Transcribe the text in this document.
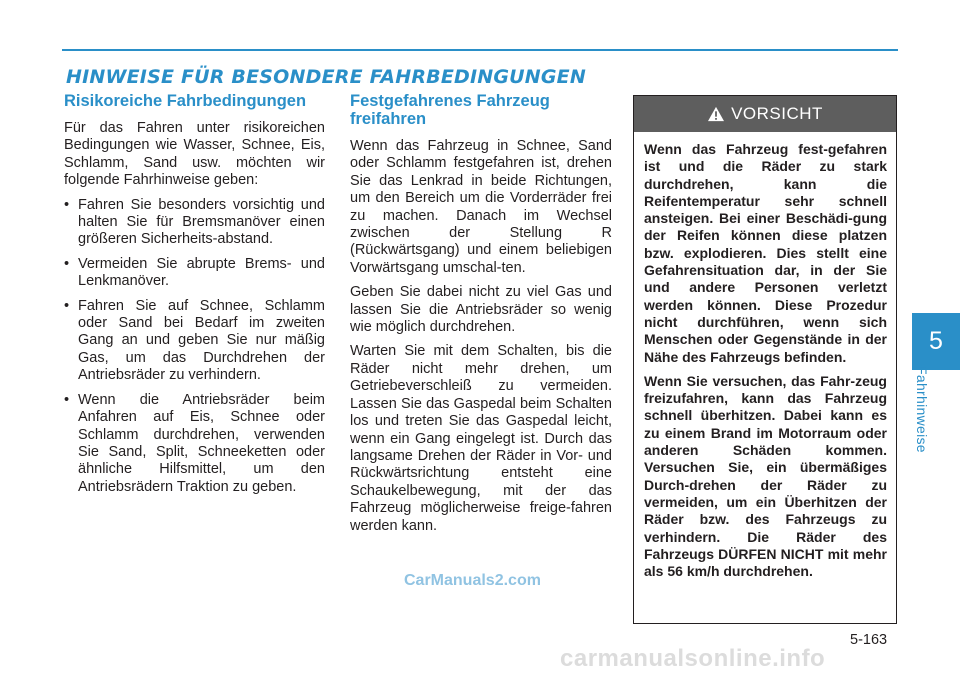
HINWEISE FÜR BESONDERE FAHRBEDINGUNGEN
Risikoreiche Fahrbedingungen

Für das Fahren unter risikoreichen Bedingungen wie Wasser, Schnee, Eis, Schlamm, Sand usw. möchten wir folgende Fahrhinweise geben:

• Fahren Sie besonders vorsichtig und halten Sie für Bremsmanöver einen größeren Sicherheits-abstand.
• Vermeiden Sie abrupte Brems- und Lenkmanöver.
• Fahren Sie auf Schnee, Schlamm oder Sand bei Bedarf im zweiten Gang an und geben Sie nur mäßig Gas, um das Durchdrehen der Antriebsräder zu verhindern.
• Wenn die Antriebsräder beim Anfahren auf Eis, Schnee oder Schlamm durchdrehen, verwenden Sie Sand, Split, Schneeketten oder ähnliche Hilfsmittel, um den Antriebsrädern Traktion zu geben.
Festgefahrenes Fahrzeug freifahren

Wenn das Fahrzeug in Schnee, Sand oder Schlamm festgefahren ist, drehen Sie das Lenkrad in beide Richtungen, um den Bereich um die Vorderräder frei zu machen. Danach im Wechsel zwischen der Stellung R (Rückwärtsgang) und einem beliebigen Vorwärtsgang umschal-ten.

Geben Sie dabei nicht zu viel Gas und lassen Sie die Antriebsräder so wenig wie möglich durchdrehen.

Warten Sie mit dem Schalten, bis die Räder nicht mehr drehen, um Getriebeverschleiß zu vermeiden. Lassen Sie das Gaspedal beim Schalten los und treten Sie das Gaspedal leicht, wenn ein Gang eingelegt ist. Durch das langsame Drehen der Räder in Vor- und Rückwärtsrichtung entsteht eine Schaukelbewegung, mit der das Fahrzeug möglicherweise freige-fahren werden kann.

VORSICHT

Wenn das Fahrzeug fest-gefahren ist und die Räder zu stark durchdrehen, kann die Reifentemperatur sehr schnell ansteigen. Bei einer Beschädi-gung der Reifen können diese platzen bzw. explodieren. Dies stellt eine Gefahrensituation dar, in der Sie und andere Personen verletzt werden können. Diese Prozedur nicht durchführen, wenn sich Menschen oder Gegenstände in der Nähe des Fahrzeugs befinden.

Wenn Sie versuchen, das Fahr-zeug freizufahren, kann das Fahrzeug schnell überhitzen. Dabei kann es zu einem Brand im Motorraum oder anderen Schäden kommen. Versuchen Sie, ein übermäßiges Durch-drehen der Räder zu vermeiden, um ein Überhitzen der Räder bzw. des Fahrzeugs zu verhindern. Die Räder des Fahrzeugs DÜRFEN NICHT mit mehr als 56 km/h durchdrehen.

5
Fahrhinweise
CarManuals2.com
5-163
carmanualsonline.info
